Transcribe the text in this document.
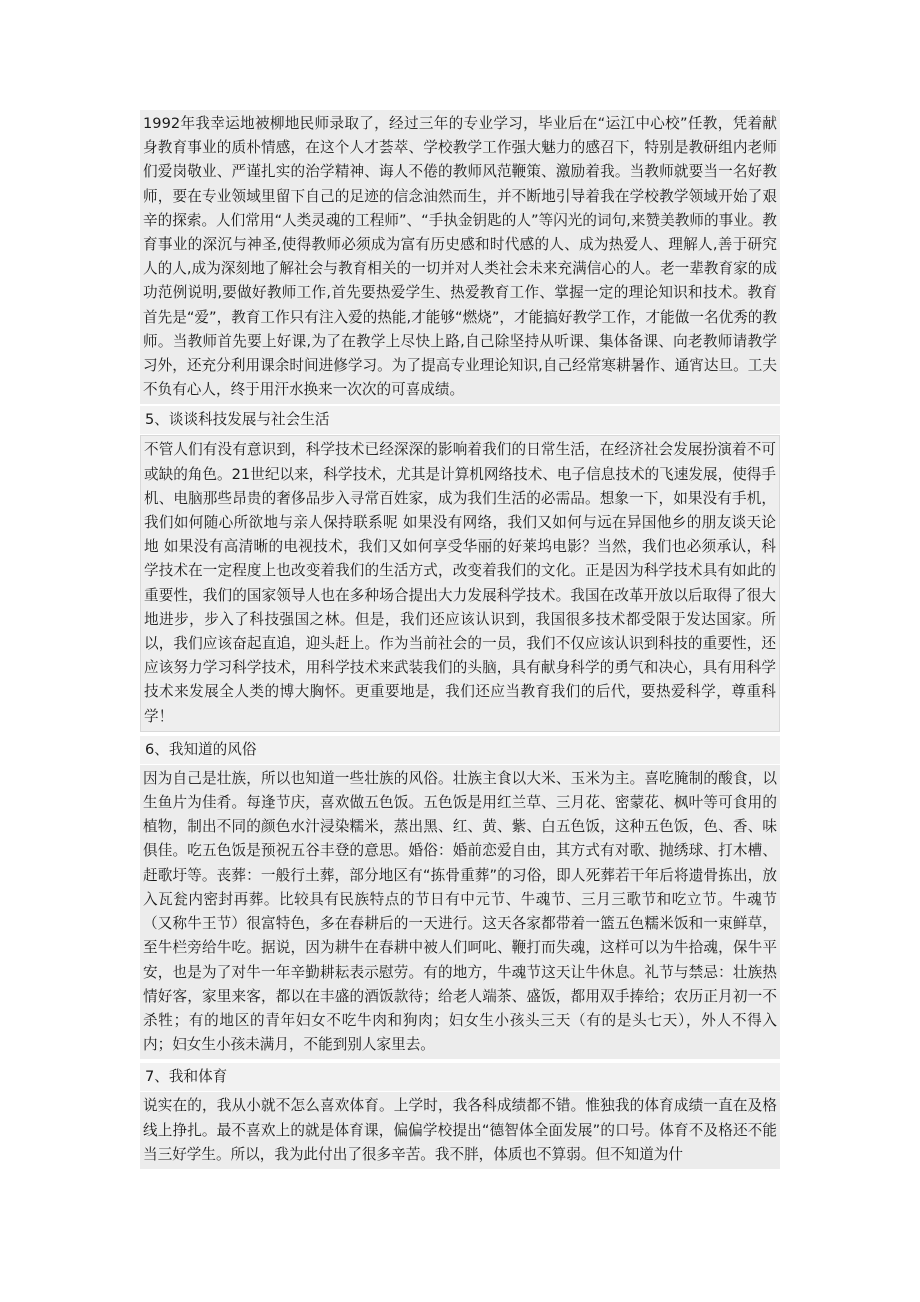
1992年我幸运地被柳地民师录取了，经过三年的专业学习，毕业后在“运江中心校”任教，凭着献身教育事业的质朴情感，在这个人才荟萃、学校教学工作强大魅力的感召下，特别是教研组内老师们爱岗敬业、严谨扎实的治学精神、诲人不倦的教师风范鞭策、激励着我。当教师就要当一名好教师，要在专业领域里留下自己的足迹的信念油然而生，并不断地引导着我在学校教学领域开始了艰辛的探索。人们常用“人类灵魂的工程师”、“手执金钥匙的人”等闪光的词句,来赞美教师的事业。教育事业的深沉与神圣,使得教师必须成为富有历史感和时代感的人、成为热爱人、理解人,善于研究人的人,成为深刻地了解社会与教育相关的一切并对人类社会未来充满信心的人。老一辈教育家的成功范例说明,要做好教师工作,首先要热爱学生、热爱教育工作、掌握一定的理论知识和技术。教育首先是“爱”，教育工作只有注入爱的热能,才能够“燃烧”，才能搞好教学工作，才能做一名优秀的教师。当教师首先要上好课,为了在教学上尽快上路,自己除坚持从听课、集体备课、向老教师请教学习外，还充分利用课余时间进修学习。为了提高专业理论知识,自己经常寒耕暑作、通宵达旦。工夫不负有心人，终于用汗水换来一次次的可喜成绩。

5、谈谈科技发展与社会生活

不管人们有没有意识到，科学技术已经深深的影响着我们的日常生活，在经济社会发展扮演着不可或缺的角色。21世纪以来，科学技术，尤其是计算机网络技术、电子信息技术的飞速发展，使得手机、电脑那些昂贵的奢侈品步入寻常百姓家，成为我们生活的必需品。想象一下，如果没有手机，我们如何随心所欲地与亲人保持联系呢 如果没有网络，我们又如何与远在异国他乡的朋友谈天论地 如果没有高清晰的电视技术，我们又如何享受华丽的好莱坞电影？当然，我们也必须承认，科学技术在一定程度上也改变着我们的生活方式，改变着我们的文化。正是因为科学技术具有如此的重要性，我们的国家领导人也在多种场合提出大力发展科学技术。我国在改革开放以后取得了很大地进步，步入了科技强国之林。但是，我们还应该认识到，我国很多技术都受限于发达国家。所以，我们应该奋起直追，迎头赶上。作为当前社会的一员，我们不仅应该认识到科技的重要性，还应该努力学习科学技术，用科学技术来武装我们的头脑，具有献身科学的勇气和决心，具有用科学技术来发展全人类的博大胸怀。更重要地是，我们还应当教育我们的后代，要热爱科学，尊重科学！

6、我知道的风俗

因为自己是壮族，所以也知道一些壮族的风俗。壮族主食以大米、玉米为主。喜吃腌制的酸食，以生鱼片为佳肴。每逢节庆，喜欢做五色饭。五色饭是用红兰草、三月花、密蒙花、枫叶等可食用的植物，制出不同的颜色水汁浸染糯米，蒸出黑、红、黄、紫、白五色饭，这种五色饭，色、香、味俱佳。吃五色饭是预祝五谷丰登的意思。婚俗：婚前恋爱自由，其方式有对歌、抛绣球、打木槽、赶歌圩等。丧葬：一般行土葬，部分地区有“拣骨重葬”的习俗，即人死葬若干年后将遗骨拣出，放入瓦瓮内密封再葬。比较具有民族特点的节日有中元节、牛魂节、三月三歌节和吃立节。牛魂节（又称牛王节）很富特色，多在春耕后的一天进行。这天各家都带着一篮五色糯米饭和一束鲜草，至牛栏旁给牛吃。据说，因为耕牛在春耕中被人们呵叱、鞭打而失魂，这样可以为牛拾魂，保牛平安，也是为了对牛一年辛勤耕耘表示慰劳。有的地方，牛魂节这天让牛休息。礼节与禁忌：壮族热情好客，家里来客，都以在丰盛的酒饭款待；给老人端茶、盛饭，都用双手捧给；农历正月初一不杀牲；有的地区的青年妇女不吃牛肉和狗肉；妇女生小孩头三天（有的是头七天），外人不得入内；妇女生小孩未满月，不能到别人家里去。

7、我和体育

说实在的，我从小就不怎么喜欢体育。上学时，我各科成绩都不错。惟独我的体育成绩一直在及格线上挣扎。最不喜欢上的就是体育课，偏偏学校提出“德智体全面发展”的口号。体育不及格还不能当三好学生。所以，我为此付出了很多辛苦。我不胖，体质也不算弱。但不知道为什
